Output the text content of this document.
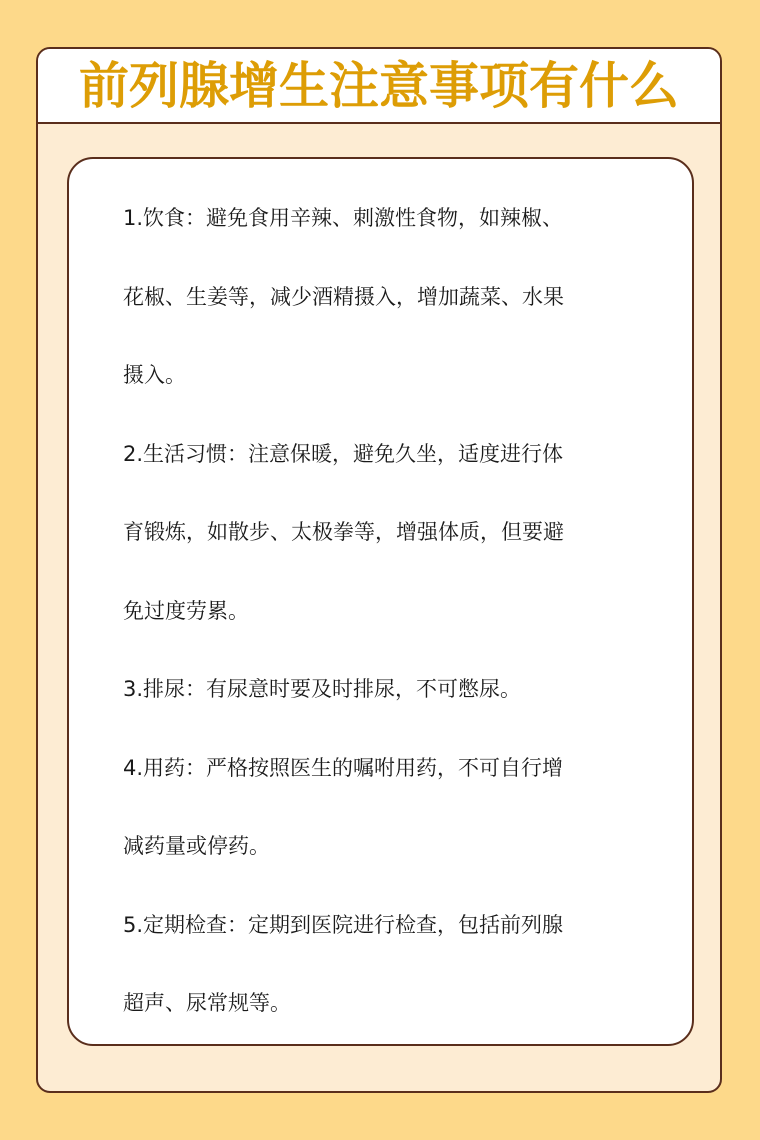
前列腺增生注意事项有什么
1.饮食：避免食用辛辣、刺激性食物，如辣椒、
花椒、生姜等，减少酒精摄入，增加蔬菜、水果
摄入。
2.生活习惯：注意保暖，避免久坐，适度进行体
育锻炼，如散步、太极拳等，增强体质，但要避
免过度劳累。
3.排尿：有尿意时要及时排尿，不可憋尿。
4.用药：严格按照医生的嘱咐用药，不可自行增
减药量或停药。
5.定期检查：定期到医院进行检查，包括前列腺
超声、尿常规等。
